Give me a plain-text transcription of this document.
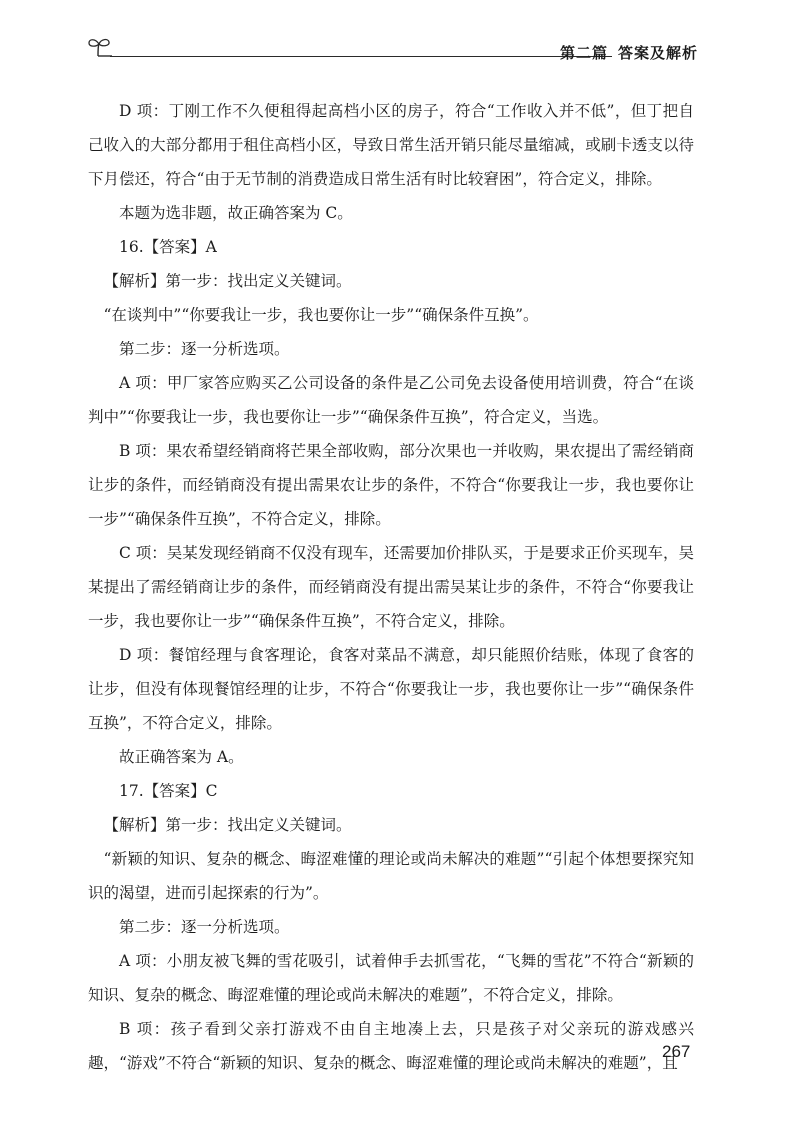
第二篇 答案及解析

D 项：丁刚工作不久便租得起高档小区的房子，符合“工作收入并不低”，但丁把自己收入的大部分都用于租住高档小区，导致日常生活开销只能尽量缩减，或刷卡透支以待下月偿还，符合“由于无节制的消费造成日常生活有时比较窘困”，符合定义，排除。

本题为选非题，故正确答案为 C。

16.【答案】A

【解析】第一步：找出定义关键词。

“在谈判中”“你要我让一步，我也要你让一步”“确保条件互换”。

第二步：逐一分析选项。

A 项：甲厂家答应购买乙公司设备的条件是乙公司免去设备使用培训费，符合“在谈判中”“你要我让一步，我也要你让一步”“确保条件互换”，符合定义，当选。

B 项：果农希望经销商将芒果全部收购，部分次果也一并收购，果农提出了需经销商让步的条件，而经销商没有提出需果农让步的条件，不符合“你要我让一步，我也要你让一步”“确保条件互换”，不符合定义，排除。

C 项：吴某发现经销商不仅没有现车，还需要加价排队买，于是要求正价买现车，吴某提出了需经销商让步的条件，而经销商没有提出需吴某让步的条件，不符合“你要我让一步，我也要你让一步”“确保条件互换”，不符合定义，排除。

D 项：餐馆经理与食客理论，食客对菜品不满意，却只能照价结账，体现了食客的让步，但没有体现餐馆经理的让步，不符合“你要我让一步，我也要你让一步”“确保条件互换”，不符合定义，排除。

故正确答案为 A。

17.【答案】C

【解析】第一步：找出定义关键词。

“新颖的知识、复杂的概念、晦涩难懂的理论或尚未解决的难题”“引起个体想要探究知识的渴望，进而引起探索的行为”。

第二步：逐一分析选项。

A 项：小朋友被飞舞的雪花吸引，试着伸手去抓雪花，“飞舞的雪花”不符合“新颖的知识、复杂的概念、晦涩难懂的理论或尚未解决的难题”，不符合定义，排除。

B 项：孩子看到父亲打游戏不由自主地凑上去，只是孩子对父亲玩的游戏感兴趣，“游戏”不符合“新颖的知识、复杂的概念、晦涩难懂的理论或尚未解决的难题”，且

267
